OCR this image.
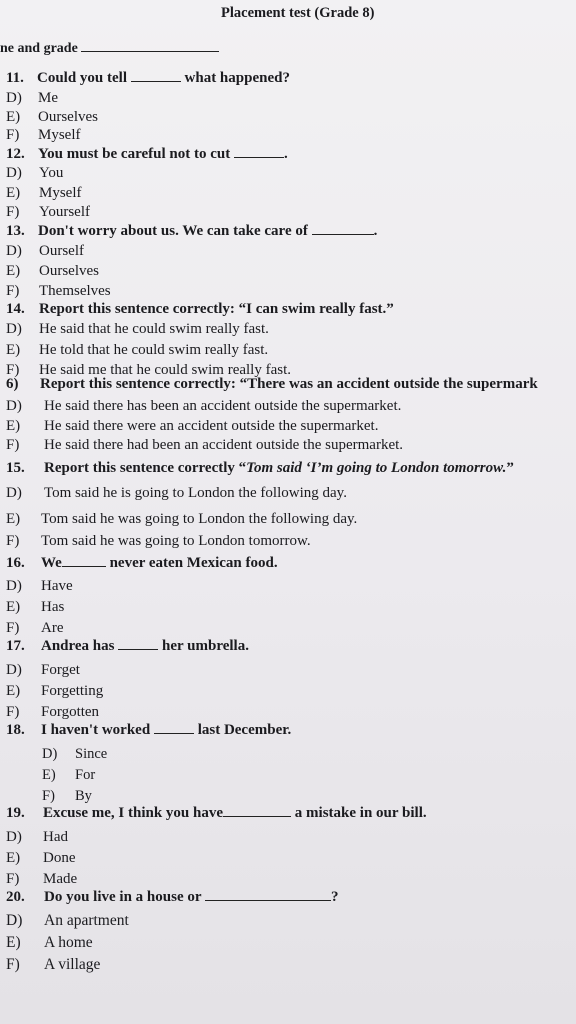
Placement test (Grade 8)
ne and grade
11. Could you tell	what happened?
D) Me
E) Ourselves
F) Myself
12. You must be careful not to cut	.
D) You
E) Myself
F) Yourself
13. Don't worry about us. We can take care of	.
D) Ourself
E) Ourselves
F) Themselves
14. Report this sentence correctly: “I can swim really fast.”
D) He said that he could swim really fast.
E) He told that he could swim really fast.
F) He said me that he could swim really fast.
6) Report this sentence correctly: “There was an accident outside the supermark
D) He said there has been an accident outside the supermarket.
E) He said there were an accident outside the supermarket.
F) He said there had been an accident outside the supermarket.
15. Report this sentence correctly “Tom said ‘I’m going to London tomorrow.”
D) Tom said he is going to London the following day.
E) Tom said he was going to London the following day.
F) Tom said he was going to London tomorrow.
16. We	never eaten Mexican food.
D) Have
E) Has
F) Are
17. Andrea has	her umbrella.
D) Forget
E) Forgetting
F) Forgotten
18. I haven't worked	last December.
D) Since
E) For
F) By
19. Excuse me, I think you have	a mistake in our bill.
D) Had
E) Done
F) Made
20. Do you live in a house or	?
D) An apartment
E) A home
F) A village
